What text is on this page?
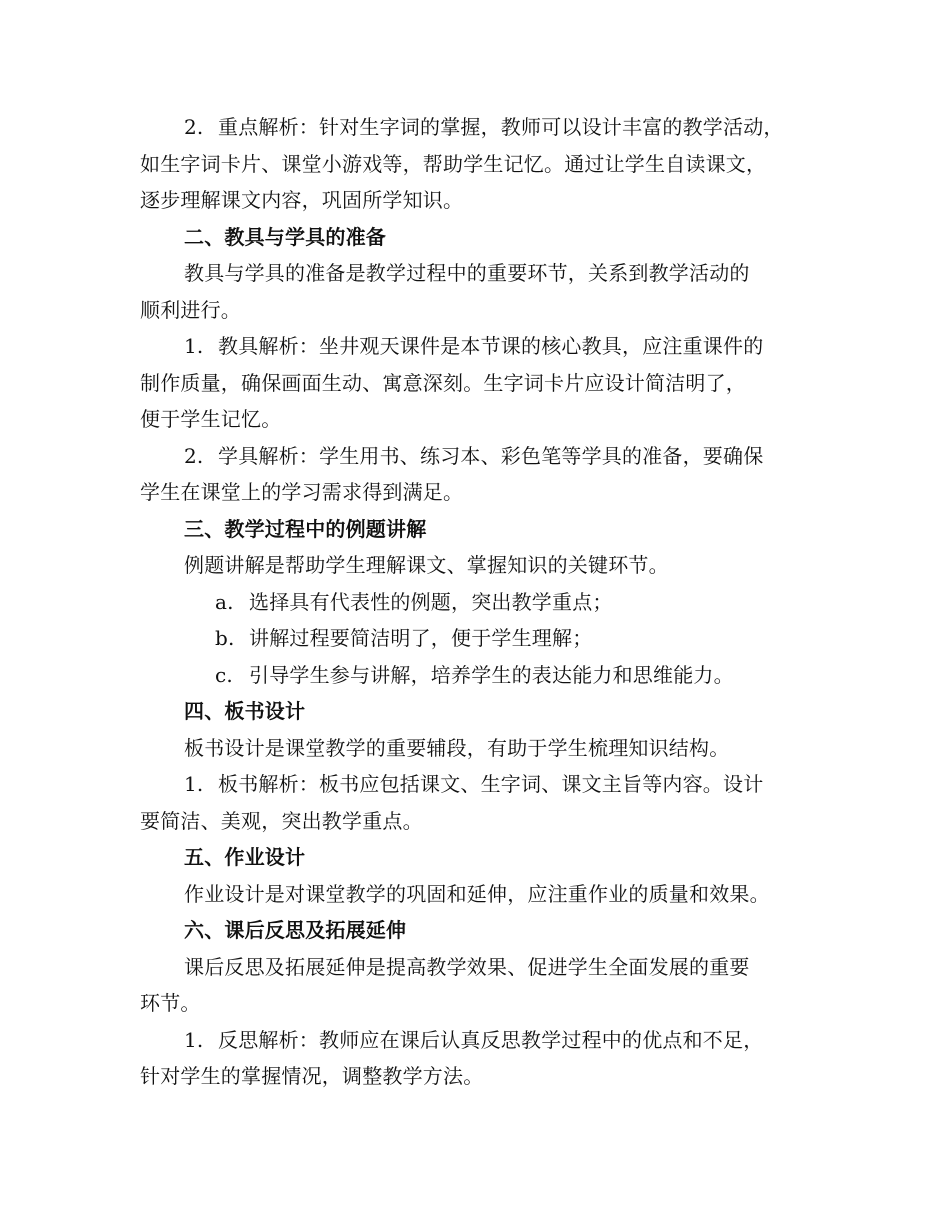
2. 重点解析：针对生字词的掌握，教师可以设计丰富的教学活动，
如生字词卡片、课堂小游戏等，帮助学生记忆。通过让学生自读课文，
逐步理解课文内容，巩固所学知识。
二、教具与学具的准备
教具与学具的准备是教学过程中的重要环节，关系到教学活动的
顺利进行。
1. 教具解析：坐井观天课件是本节课的核心教具，应注重课件的
制作质量，确保画面生动、寓意深刻。生字词卡片应设计简洁明了，
便于学生记忆。
2. 学具解析：学生用书、练习本、彩色笔等学具的准备，要确保
学生在课堂上的学习需求得到满足。
三、教学过程中的例题讲解
例题讲解是帮助学生理解课文、掌握知识的关键环节。
a. 选择具有代表性的例题，突出教学重点；
b. 讲解过程要简洁明了，便于学生理解；
c. 引导学生参与讲解，培养学生的表达能力和思维能力。
四、板书设计
板书设计是课堂教学的重要辅段，有助于学生梳理知识结构。
1. 板书解析：板书应包括课文、生字词、课文主旨等内容。设计
要简洁、美观，突出教学重点。
五、作业设计
作业设计是对课堂教学的巩固和延伸，应注重作业的质量和效果。
六、课后反思及拓展延伸
课后反思及拓展延伸是提高教学效果、促进学生全面发展的重要
环节。
1. 反思解析：教师应在课后认真反思教学过程中的优点和不足，
针对学生的掌握情况，调整教学方法。
